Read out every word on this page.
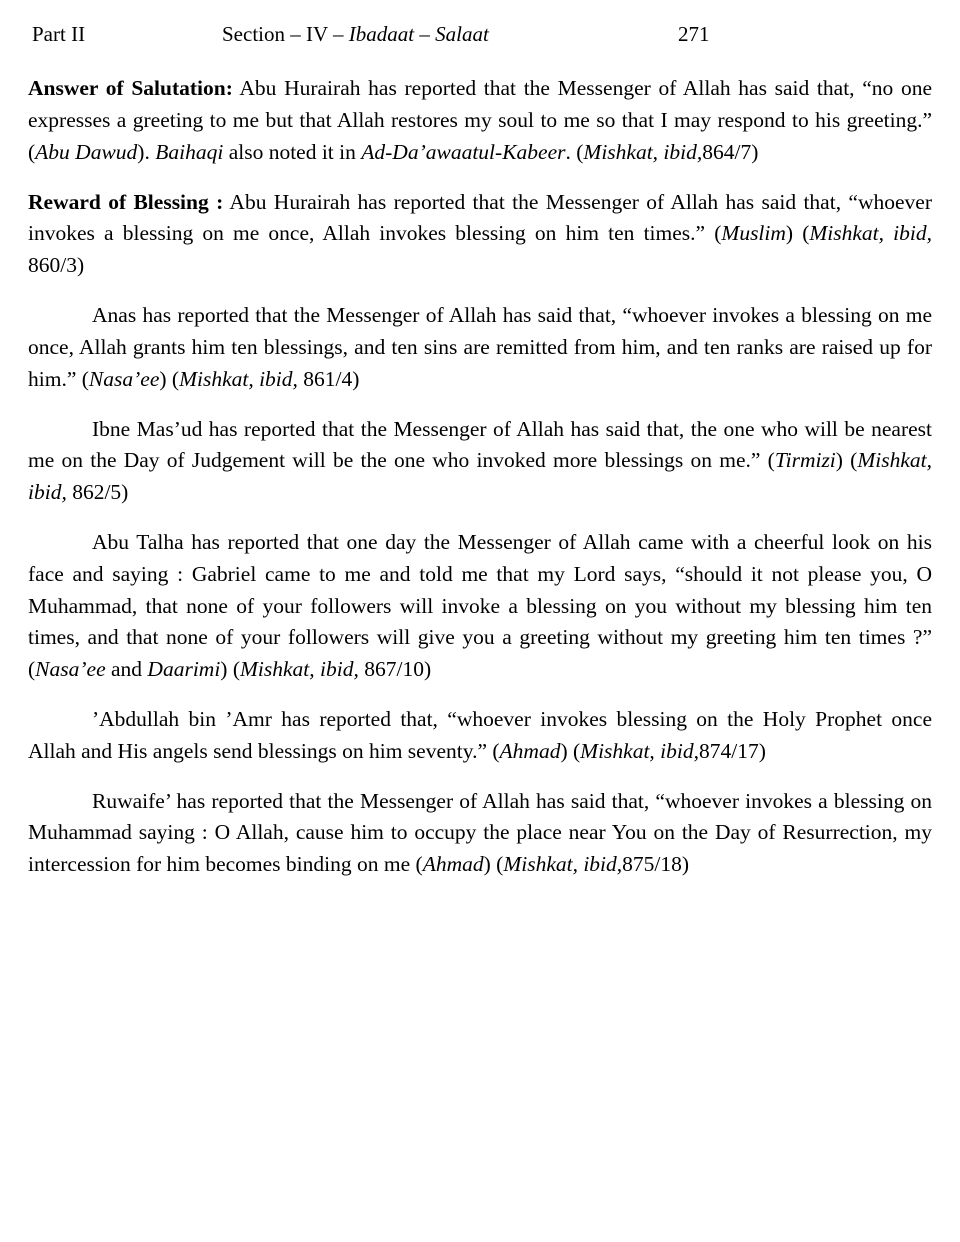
Part II	Section – IV – Ibadaat – Salaat	271

Answer of Salutation: Abu Hurairah has reported that the Messenger of Allah has said that, “no one expresses a greeting to me but that Allah restores my soul to me so that I may respond to his greeting.” (Abu Dawud). Baihaqi also noted it in Ad-Da’awaatul-Kabeer. (Mishkat, ibid,864/7)

Reward of Blessing : Abu Hurairah has reported that the Messenger of Allah has said that, “whoever invokes a blessing on me once, Allah invokes blessing on him ten times.” (Muslim) (Mishkat, ibid, 860/3)

Anas has reported that the Messenger of Allah has said that, “whoever invokes a blessing on me once, Allah grants him ten blessings, and ten sins are remitted from him, and ten ranks are raised up for him.” (Nasa’ee) (Mishkat, ibid, 861/4)

Ibne Mas’ud has reported that the Messenger of Allah has said that, the one who will be nearest me on the Day of Judgement will be the one who invoked more blessings on me.” (Tirmizi) (Mishkat, ibid, 862/5)

Abu Talha has reported that one day the Messenger of Allah came with a cheerful look on his face and saying : Gabriel came to me and told me that my Lord says, “should it not please you, O Muhammad, that none of your followers will invoke a blessing on you without my blessing him ten times, and that none of your followers will give you a greeting without my greeting him ten times ?” (Nasa’ee and Daarimi) (Mishkat, ibid, 867/10)

’Abdullah bin ’Amr has reported that, “whoever invokes blessing on the Holy Prophet once Allah and His angels send blessings on him seventy.” (Ahmad) (Mishkat, ibid,874/17)

Ruwaife’ has reported that the Messenger of Allah has said that, “whoever invokes a blessing on Muhammad saying : O Allah, cause him to occupy the place near You on the Day of Resurrection, my intercession for him becomes binding on me (Ahmad) (Mishkat, ibid,875/18)
